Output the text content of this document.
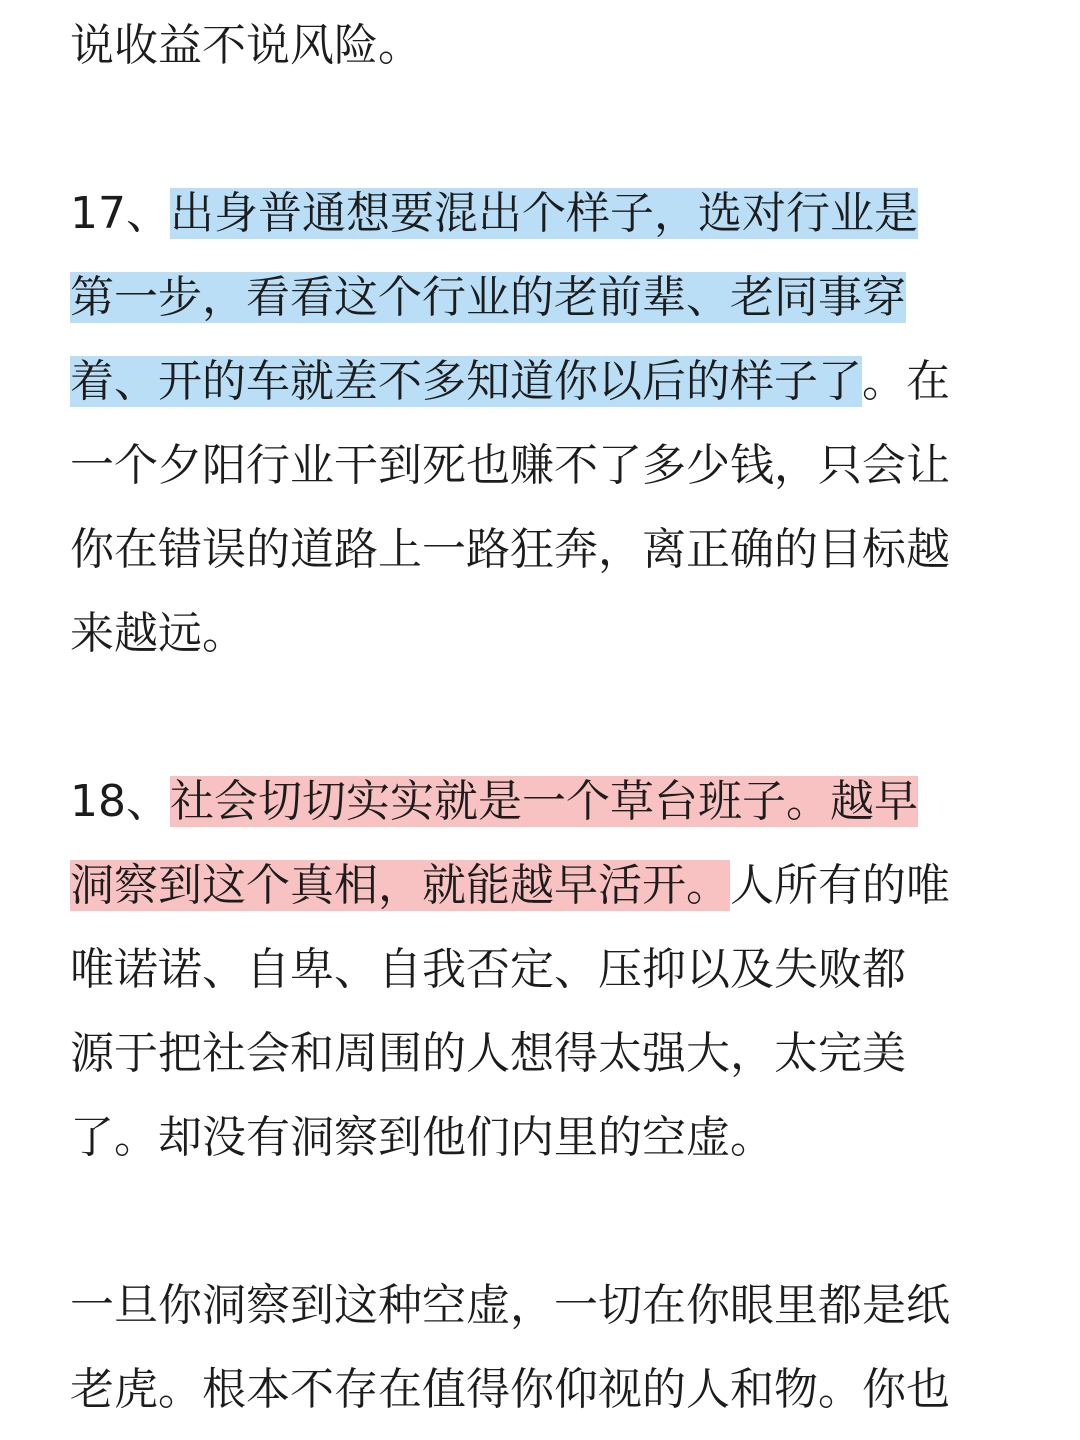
说收益不说风险。
17、出身普通想要混出个样子，选对行业是
第一步，看看这个行业的老前辈、老同事穿
着、开的车就差不多知道你以后的样子了。在
一个夕阳行业干到死也赚不了多少钱，只会让
你在错误的道路上一路狂奔，离正确的目标越
来越远。
18、社会切切实实就是一个草台班子。越早
洞察到这个真相，就能越早活开。人所有的唯
唯诺诺、自卑、自我否定、压抑以及失败都
源于把社会和周围的人想得太强大，太完美
了。却没有洞察到他们内里的空虚。
一旦你洞察到这种空虚，一切在你眼里都是纸
老虎。根本不存在值得你仰视的人和物。你也
